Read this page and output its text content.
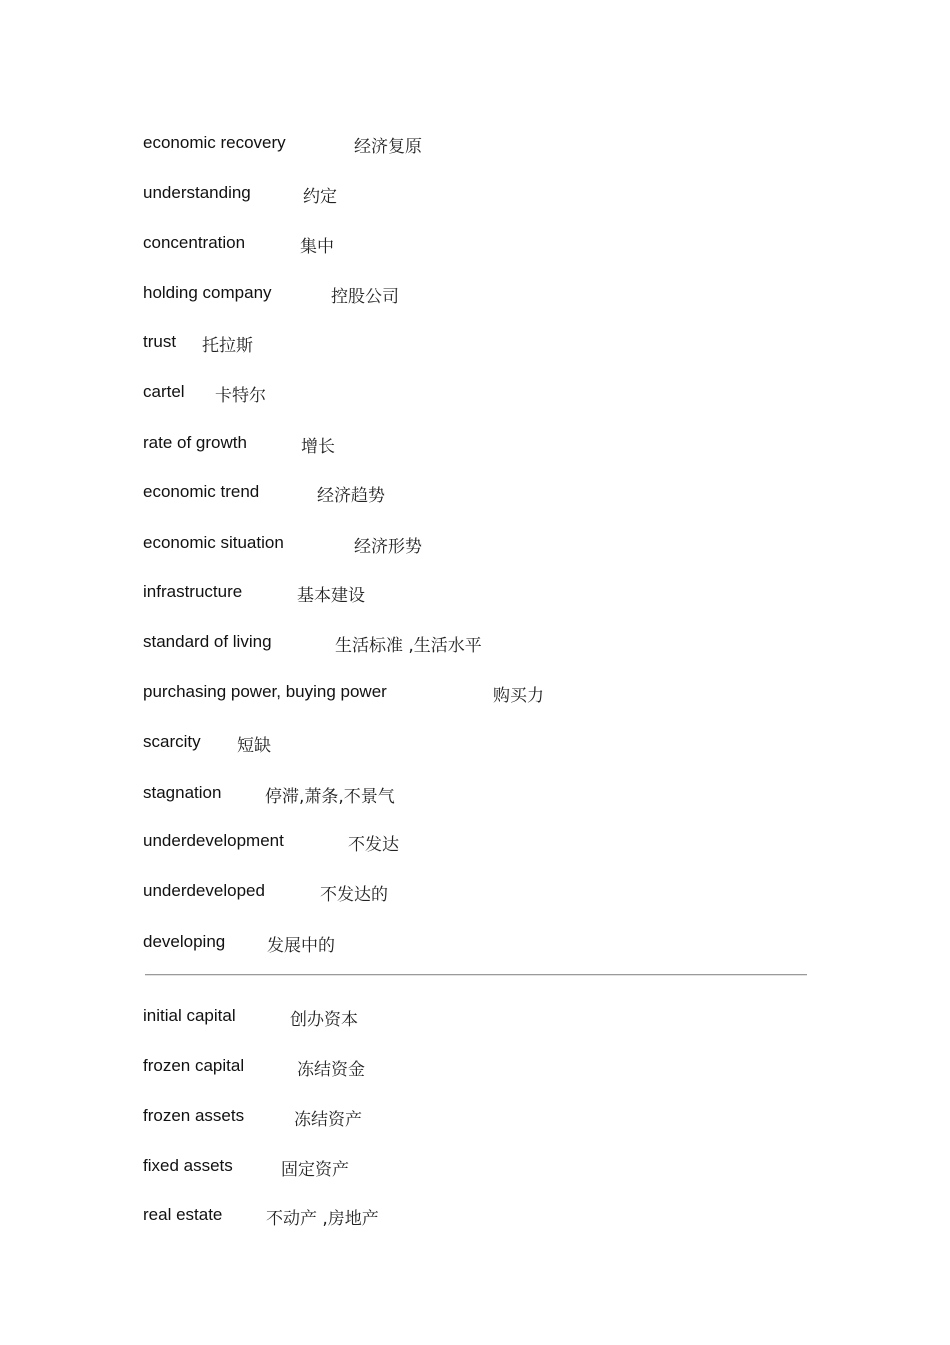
economic recovery	经济复原
understanding	约定
concentration	集中
holding company	控股公司
trust 托拉斯
cartel 卡特尔
rate of growth	增长
economic trend	经济趋势
economic situation	经济形势
infrastructure	基本建设
standard of living	生活标准 ,生活水平
purchasing power, buying power	购买力
scarcity 短缺
stagnation	停滞,萧条,不景气
underdevelopment	不发达
underdeveloped	不发达的
developing 发展中的
initial capital	创办资本
frozen capital	冻结资金
frozen assets	冻结资产
fixed assets	固定资产
real estate	不动产 ,房地产
